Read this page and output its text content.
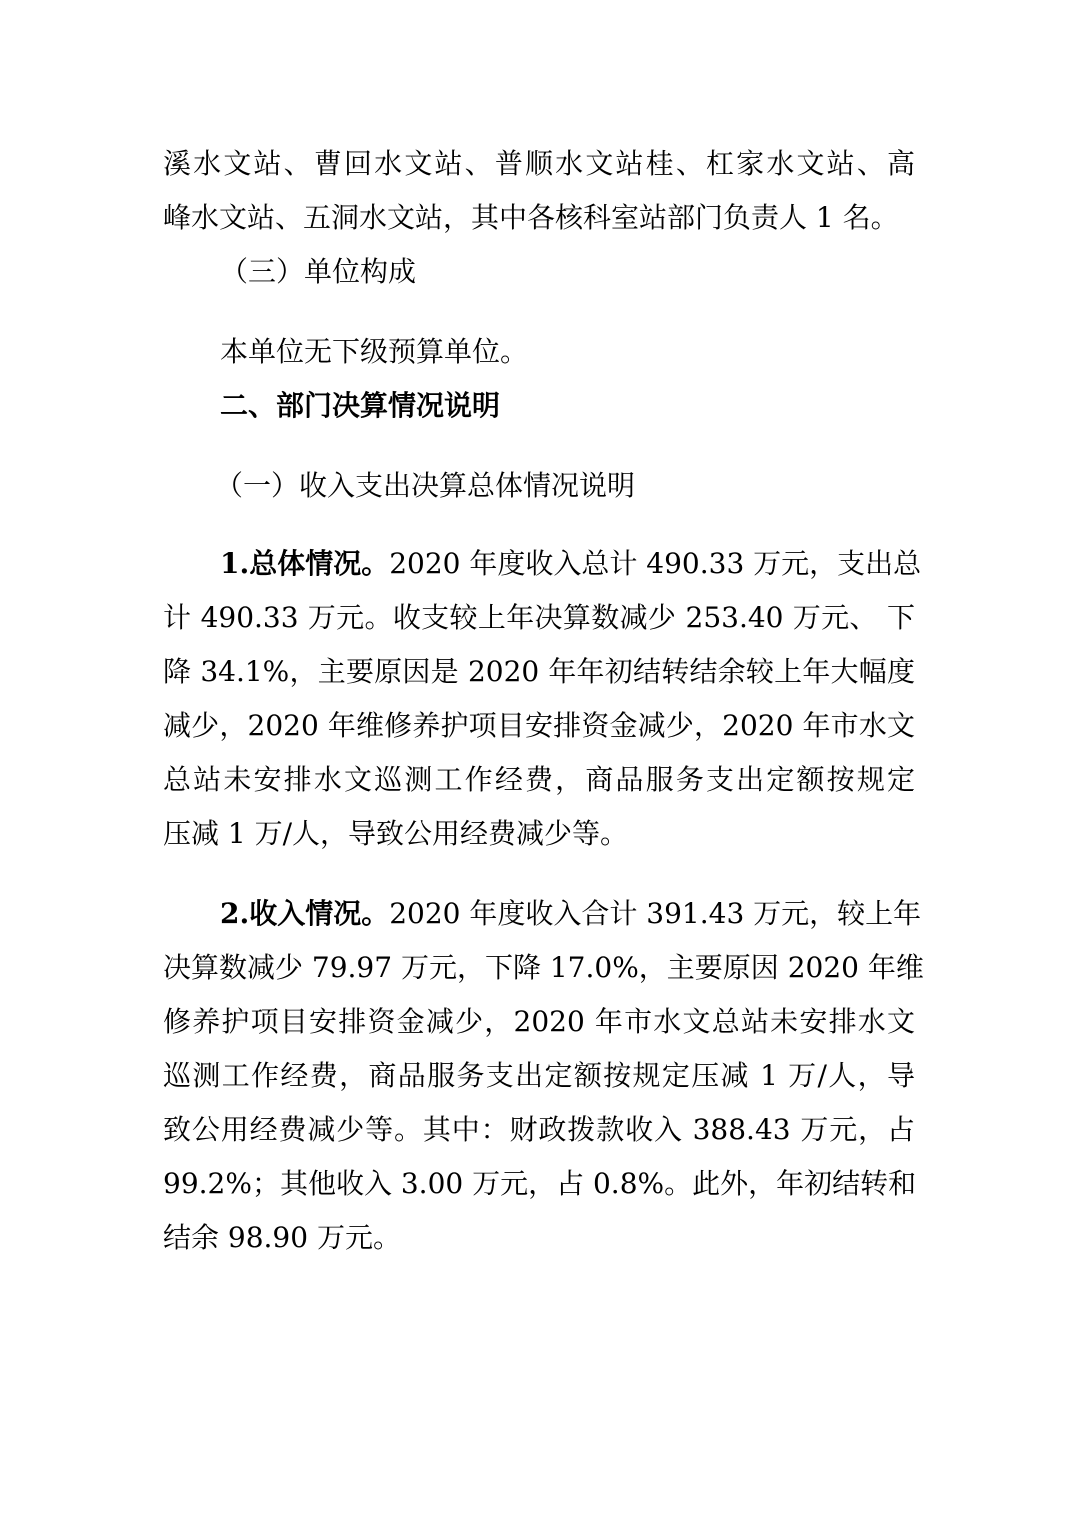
溪水文站、曹回水文站、普顺水文站桂、杠家水文站、高
峰水文站、五洞水文站，其中各核科室站部门负责人 1 名。
（三）单位构成
本单位无下级预算单位。
二、部门决算情况说明
（一）收入支出决算总体情况说明
1.总体情况。2020 年度收入总计 490.33 万元，支出总
计 490.33 万元。收支较上年决算数减少 253.40 万元、 下
降 34.1%，主要原因是 2020 年年初结转结余较上年大幅度
减少，2020 年维修养护项目安排资金减少，2020 年市水文
总站未安排水文巡测工作经费，商品服务支出定额按规定
压减 1 万/人，导致公用经费减少等。
2.收入情况。2020 年度收入合计 391.43 万元，较上年
决算数减少 79.97 万元，下降 17.0%，主要原因 2020 年维
修养护项目安排资金减少，2020 年市水文总站未安排水文
巡测工作经费，商品服务支出定额按规定压减 1 万/人，导
致公用经费减少等。其中：财政拨款收入 388.43 万元，占
99.2%；其他收入 3.00 万元，占 0.8%。此外，年初结转和
结余 98.90 万元。
